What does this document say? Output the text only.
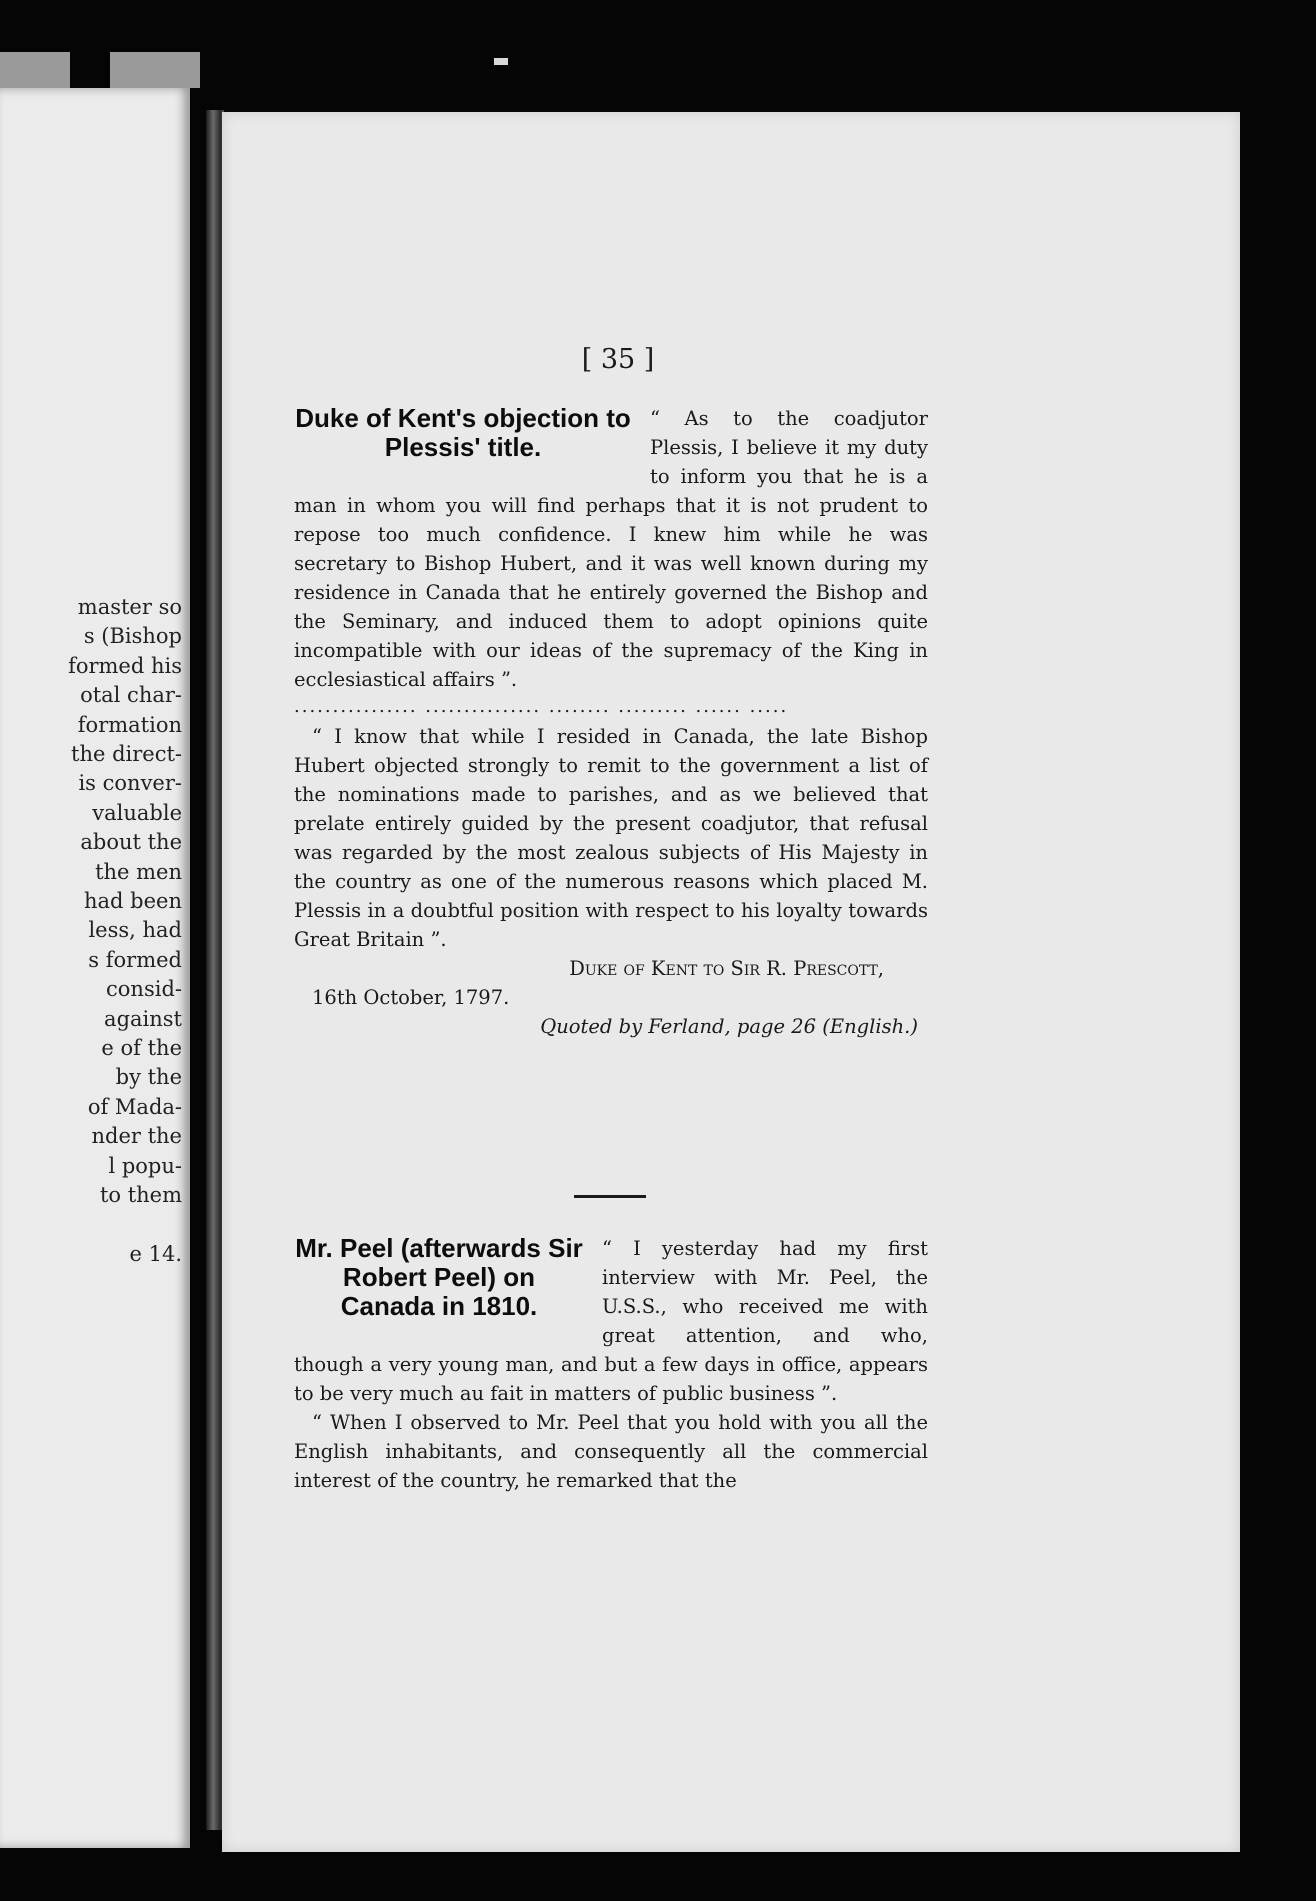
master so
s (Bishop
formed his
otal char-
formation
the direct-
is conver-
valuable
about the
the men
had been
less, had
s formed
consid-
against
e of the
by the
of Mada-
nder the
l popu-
to them
e 14.
[ 35 ]
Duke of Kent's objection to Plessis' title.

“ As to the coadjutor Plessis, I believe it my duty to inform you that he is a man in whom you will find perhaps that it is not prudent to repose too much confidence. I knew him while he was secretary to Bishop Hubert, and it was well known during my residence in Canada that he entirely governed the Bishop and the Seminary, and induced them to adopt opinions quite incompatible with our ideas of the supremacy of the King in ecclesiastical affairs ”.

................ ............... ........ ......... ...... .....

“ I know that while I resided in Canada, the late Bishop Hubert objected strongly to remit to the government a list of the nominations made to parishes, and as we believed that prelate entirely guided by the present coadjutor, that refusal was regarded by the most zealous subjects of His Majesty in the country as one of the numerous reasons which placed M. Plessis in a doubtful position with respect to his loyalty towards Great Britain ”.

Duke of Kent to Sir R. Prescott,
16th October, 1797.
Quoted by Ferland, page 26 (English.)
Mr. Peel (afterwards Sir Robert Peel) on Canada in 1810.

“ I yesterday had my first interview with Mr. Peel, the U.S.S., who received me with great attention, and who, though a very young man, and but a few days in office, appears to be very much au fait in matters of public business ”.

“ When I observed to Mr. Peel that you hold with you all the English inhabitants, and consequently all the commercial interest of the country, he remarked that the
